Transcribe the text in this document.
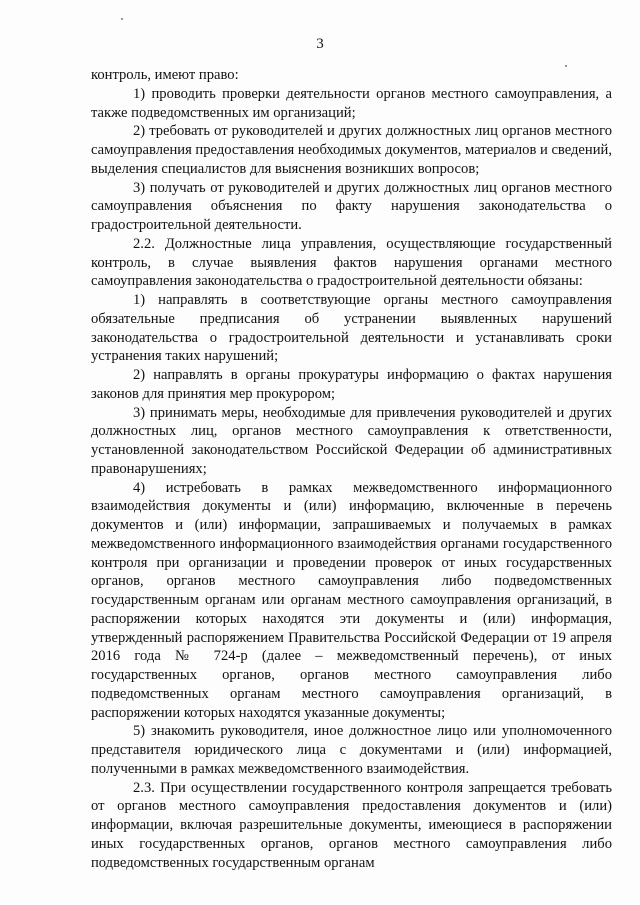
3

контроль, имеют право:

1) проводить проверки деятельности органов местного самоуправления, а также подведомственных им организаций;

2) требовать от руководителей и других должностных лиц органов местного самоуправления предоставления необходимых документов, материалов и сведений, выделения специалистов для выяснения возникших вопросов;

3) получать от руководителей и других должностных лиц органов местного самоуправления объяснения по факту нарушения законодательства о градостроительной деятельности.

2.2. Должностные лица управления, осуществляющие государственный контроль, в случае выявления фактов нарушения органами местного самоуправления законодательства о градостроительной деятельности обязаны:

1) направлять в соответствующие органы местного самоуправления обязательные предписания об устранении выявленных нарушений законодательства о градостроительной деятельности и устанавливать сроки устранения таких нарушений;

2) направлять в органы прокуратуры информацию о фактах нарушения законов для принятия мер прокурором;

3) принимать меры, необходимые для привлечения руководителей и других должностных лиц, органов местного самоуправления к ответственности, установленной законодательством Российской Федерации об административных правонарушениях;

4) истребовать в рамках межведомственного информационного взаимодействия документы и (или) информацию, включенные в перечень документов и (или) информации, запрашиваемых и получаемых в рамках межведомственного информационного взаимодействия органами государственного контроля при организации и проведении проверок от иных государственных органов, органов местного самоуправления либо подведомственных государственным органам или органам местного самоуправления организаций, в распоряжении которых находятся эти документы и (или) информация, утвержденный распоряжением Правительства Российской Федерации от 19 апреля 2016 года № 724-р (далее – межведомственный перечень), от иных государственных органов, органов местного самоуправления либо подведомственных органам местного самоуправления организаций, в распоряжении которых находятся указанные документы;

5) знакомить руководителя, иное должностное лицо или уполномоченного представителя юридического лица с документами и (или) информацией, полученными в рамках межведомственного взаимодействия.

2.3. При осуществлении государственного контроля запрещается требовать от органов местного самоуправления предоставления документов и (или) информации, включая разрешительные документы, имеющиеся в распоряжении иных государственных органов, органов местного самоуправления либо подведомственных государственным органам
